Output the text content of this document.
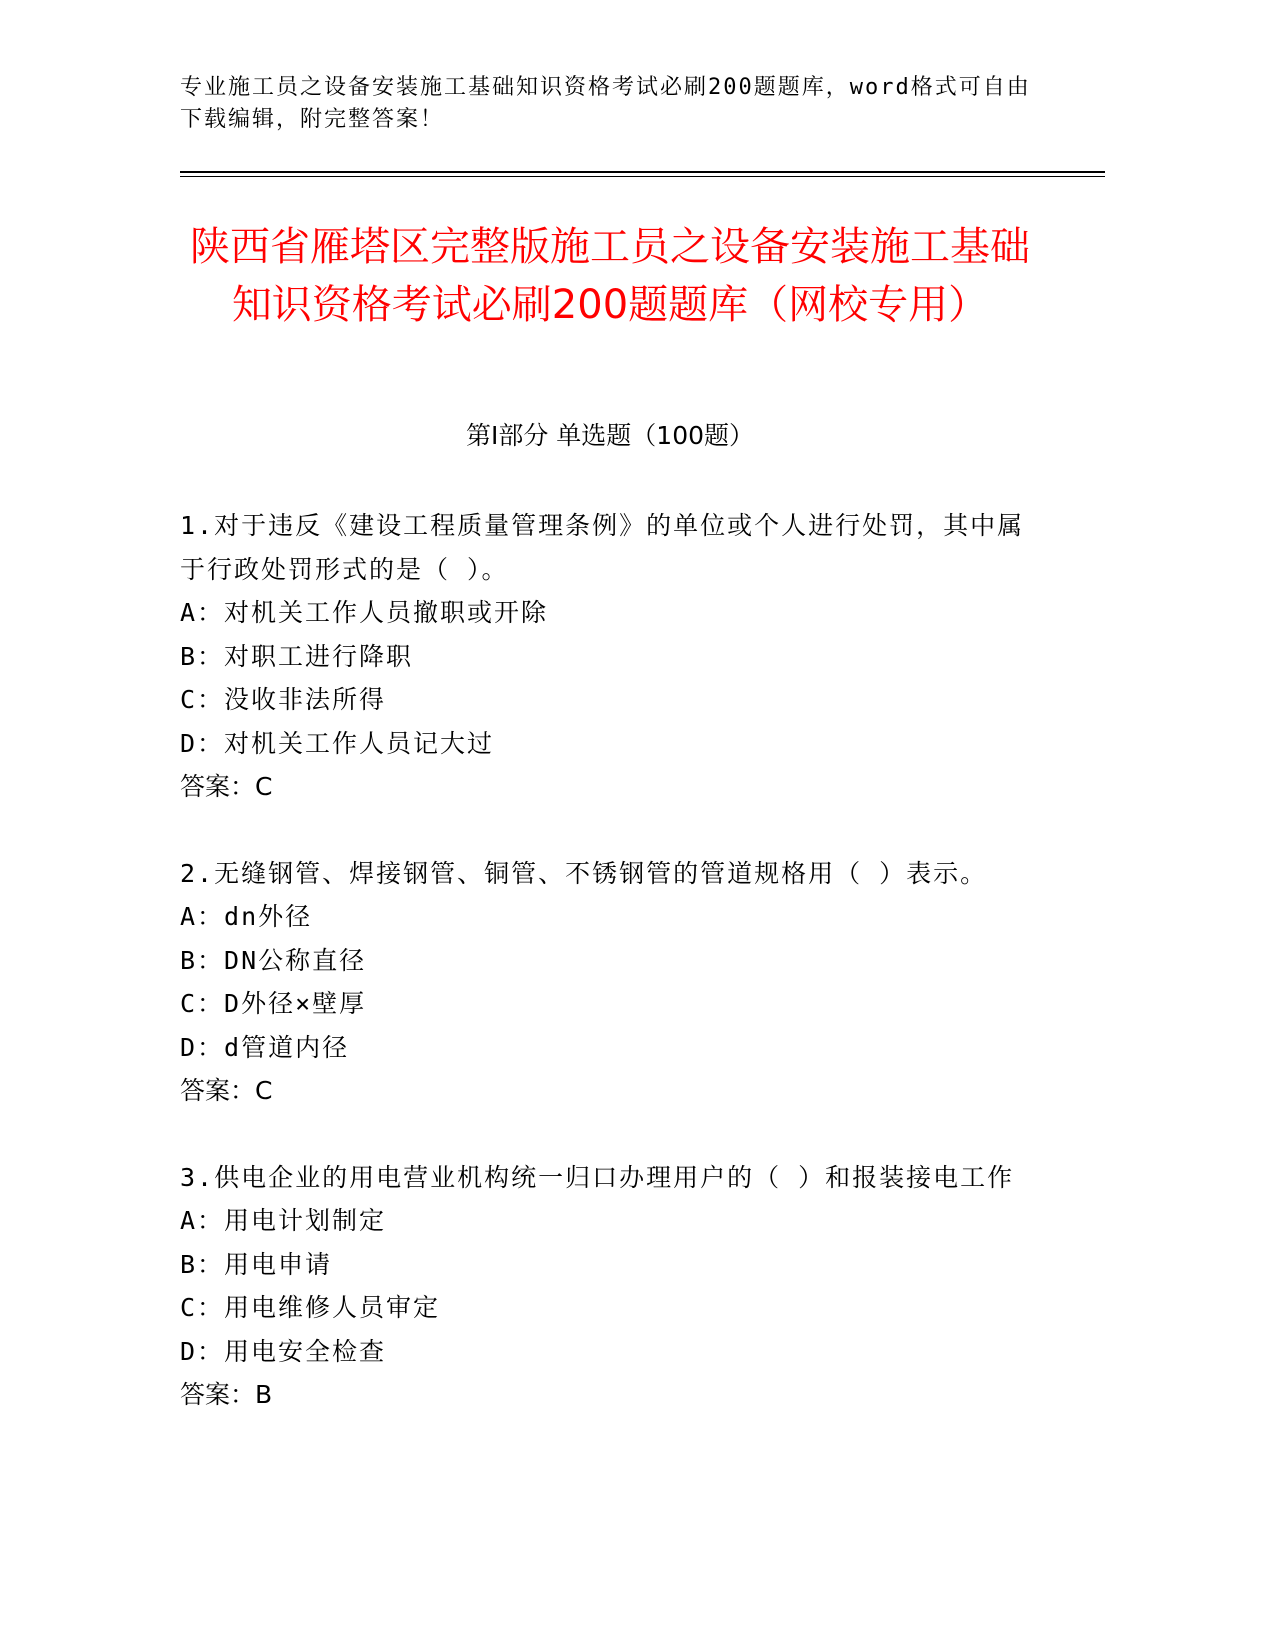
专业施工员之设备安装施工基础知识资格考试必刷200题题库，word格式可自由下载编辑，附完整答案！
陕西省雁塔区完整版施工员之设备安装施工基础知识资格考试必刷200题题库（网校专用）
第I部分 单选题（100题）

1.对于违反《建设工程质量管理条例》的单位或个人进行处罚，其中属于行政处罚形式的是（ ）。

A：对机关工作人员撤职或开除

B：对职工进行降职

C：没收非法所得

D：对机关工作人员记大过

答案：C

2.无缝钢管、焊接钢管、铜管、不锈钢管的管道规格用（ ）表示。

A：dn外径

B：DN公称直径

C：D外径×壁厚

D：d管道内径

答案：C

3.供电企业的用电营业机构统一归口办理用户的（ ）和报装接电工作

A：用电计划制定

B：用电申请

C：用电维修人员审定

D：用电安全检查

答案：B
